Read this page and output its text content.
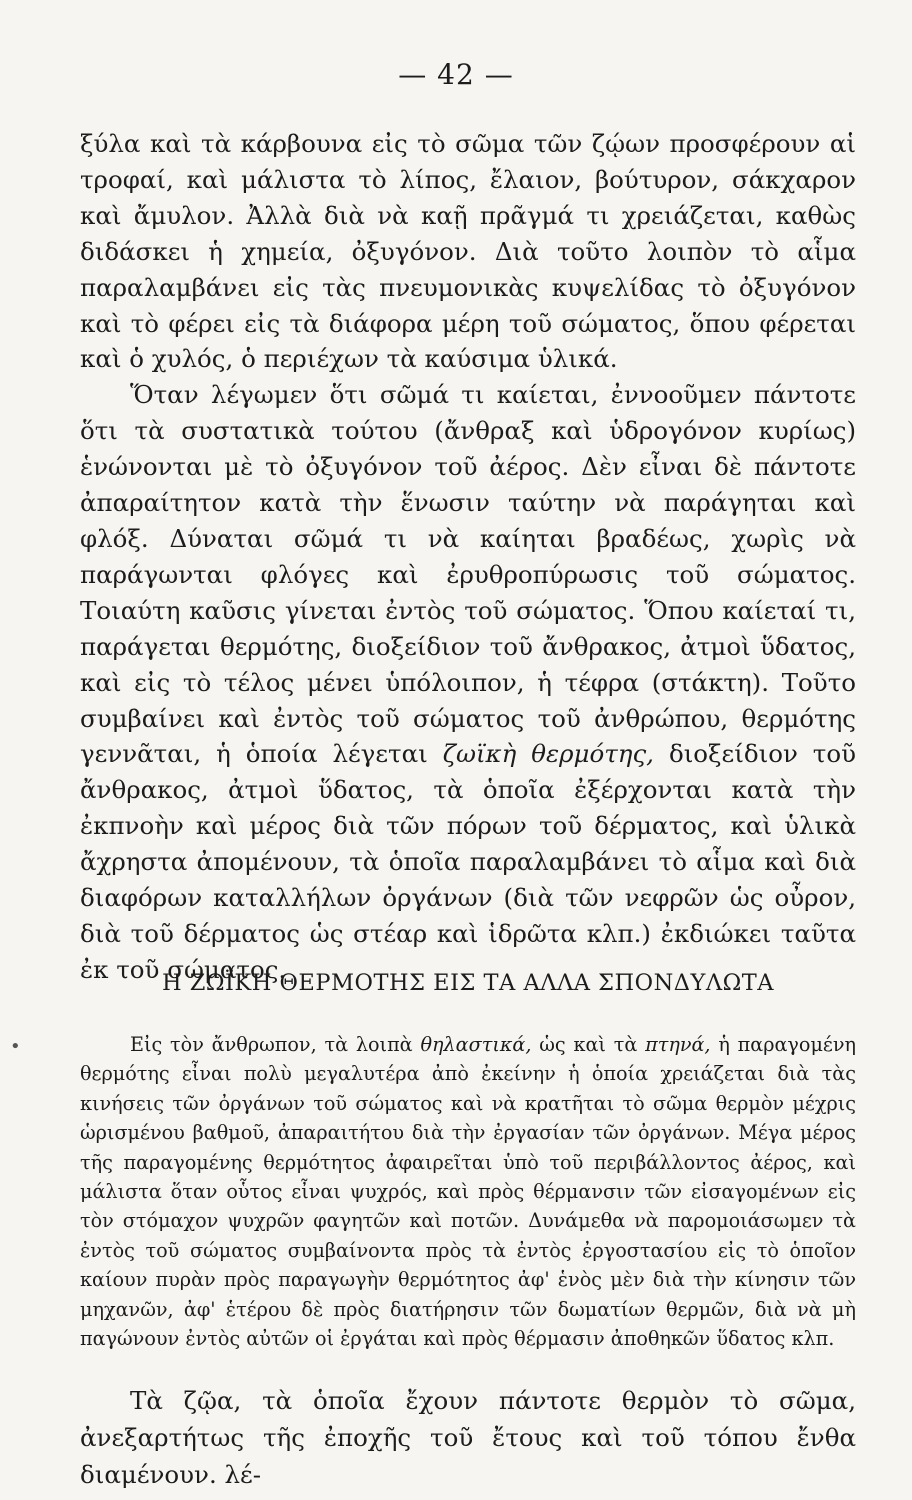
— 42 —

ξύλα καὶ τὰ κάρβουνα εἰς τὸ σῶμα τῶν ζῴων προσφέρουν αἱ τροφαί, καὶ μάλιστα τὸ λίπος, ἔλαιον, βούτυρον, σάκχαρον καὶ ἄμυλον. Ἀλλὰ διὰ νὰ καῇ πρᾶγμά τι χρειάζεται, καθὼς διδάσκει ἡ χημεία, ὀξυγόνον. Διὰ τοῦτο λοιπὸν τὸ αἷμα παραλαμβάνει εἰς τὰς πνευμονικὰς κυψελίδας τὸ ὀξυγόνον καὶ τὸ φέρει εἰς τὰ διάφορα μέρη τοῦ σώματος, ὅπου φέρεται καὶ ὁ χυλός, ὁ περιέχων τὰ καύσιμα ὑλικά.

Ὅταν λέγωμεν ὅτι σῶμά τι καίεται, ἐννοοῦμεν πάντοτε ὅτι τὰ συστατικὰ τούτου (ἄνθραξ καὶ ὑδρογόνον κυρίως) ἑνώνονται μὲ τὸ ὀξυγόνον τοῦ ἀέρος. Δὲν εἶναι δὲ πάντοτε ἀπαραίτητον κατὰ τὴν ἕνωσιν ταύτην νὰ παράγηται καὶ φλόξ. Δύναται σῶμά τι νὰ καίηται βραδέως, χωρὶς νὰ παράγωνται φλόγες καὶ ἐρυθροπύρωσις τοῦ σώματος. Τοιαύτη καῦσις γίνεται ἐντὸς τοῦ σώματος. Ὅπου καίεταί τι, παράγεται θερμότης, διοξείδιον τοῦ ἄνθρακος, ἀτμοὶ ὕδατος, καὶ εἰς τὸ τέλος μένει ὑπόλοιπον, ἡ τέφρα (στάκτη). Τοῦτο συμβαίνει καὶ ἐντὸς τοῦ σώματος τοῦ ἀνθρώπου, θερμότης γεννᾶται, ἡ ὁποία λέγεται ζωϊκὴ θερμότης, διοξείδιον τοῦ ἄνθρακος, ἀτμοὶ ὕδατος, τὰ ὁποῖα ἐξέρχονται κατὰ τὴν ἐκπνοὴν καὶ μέρος διὰ τῶν πόρων τοῦ δέρματος, καὶ ὑλικὰ ἄχρηστα ἀπομένουν, τὰ ὁποῖα παραλαμβάνει τὸ αἷμα καὶ διὰ διαφόρων καταλλήλων ὀργάνων (διὰ τῶν νεφρῶν ὡς οὖρον, διὰ τοῦ δέρματος ὡς στέαρ καὶ ἱδρῶτα κλπ.) ἐκδιώκει ταῦτα ἐκ τοῦ σώματος.

Η ΖΩΪΚΗ ΘΕΡΜΟΤΗΣ ΕΙΣ ΤΑ ΑΛΛΑ ΣΠΟΝΔΥΛΩΤΑ
•	Εἰς τὸν ἄνθρωπον, τὰ λοιπὰ θηλαστικά, ὡς καὶ τὰ πτηνά, ἡ παραγομένη θερμότης εἶναι πολὺ μεγαλυτέρα ἀπὸ ἐκείνην ἡ ὁποία χρειάζεται διὰ τὰς κινήσεις τῶν ὀργάνων τοῦ σώματος καὶ νὰ κρατῆται τὸ σῶμα θερμὸν μέχρις ὡρισμένου βαθμοῦ, ἀπαραιτήτου διὰ τὴν ἐργασίαν τῶν ὀργάνων. Μέγα μέρος τῆς παραγομένης θερμότητος ἀφαιρεῖται ὑπὸ τοῦ περιβάλλοντος ἀέρος, καὶ μάλιστα ὅταν οὗτος εἶναι ψυχρός, καὶ πρὸς θέρμανσιν τῶν εἰσαγομένων εἰς τὸν στόμαχον ψυχρῶν φαγητῶν καὶ ποτῶν. Δυνάμεθα νὰ παρομοιάσωμεν τὰ ἐντὸς τοῦ σώματος συμβαίνοντα πρὸς τὰ ἐντὸς ἐργοστασίου εἰς τὸ ὁποῖον καίουν πυρὰν πρὸς παραγωγὴν θερμότητος ἀφ' ἑνὸς μὲν διὰ τὴν κίνησιν τῶν μηχανῶν, ἀφ' ἑτέρου δὲ πρὸς διατήρησιν τῶν δωματίων θερμῶν, διὰ νὰ μὴ παγώνουν ἐντὸς αὐτῶν οἱ ἐργάται καὶ πρὸς θέρμασιν ἀποθηκῶν ὕδατος κλπ.

Τὰ ζῷα, τὰ ὁποῖα ἔχουν πάντοτε θερμὸν τὸ σῶμα, ἀνεξαρτήτως τῆς ἐποχῆς τοῦ ἔτους καὶ τοῦ τόπου ἔνθα διαμένουν. λέ-
